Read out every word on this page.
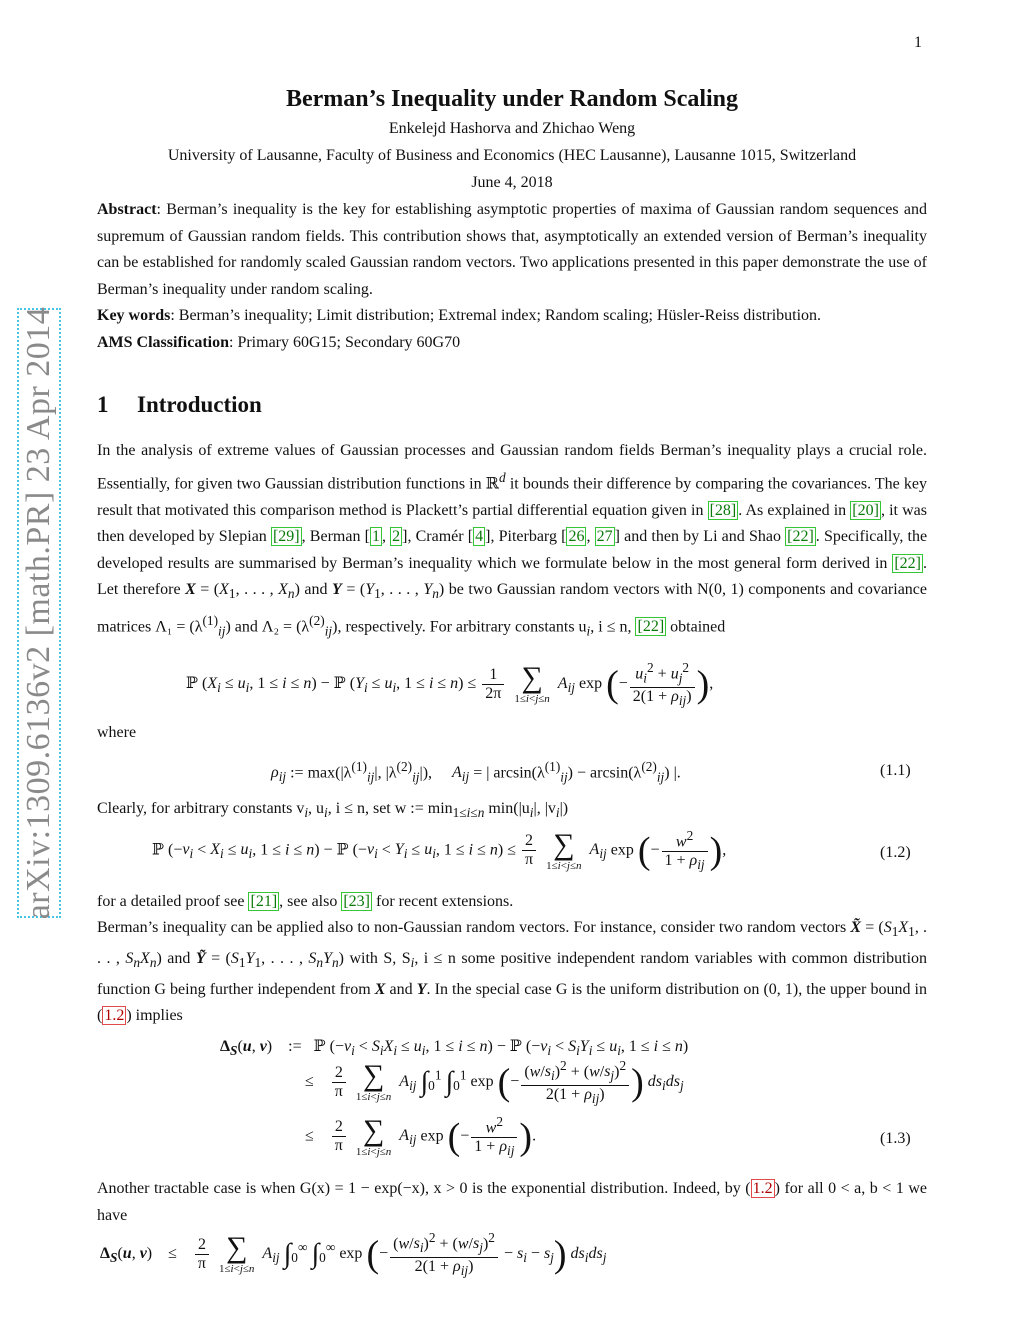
1
arXiv:1309.6136v2 [math.PR] 23 Apr 2014
Berman’s Inequality under Random Scaling
Enkelejd Hashorva and Zhichao Weng
University of Lausanne, Faculty of Business and Economics (HEC Lausanne), Lausanne 1015, Switzerland
June 4, 2018
Abstract: Berman’s inequality is the key for establishing asymptotic properties of maxima of Gaussian random sequences and supremum of Gaussian random fields. This contribution shows that, asymptotically an extended version of Berman’s inequality can be established for randomly scaled Gaussian random vectors. Two applications presented in this paper demonstrate the use of Berman’s inequality under random scaling.
Key words: Berman’s inequality; Limit distribution; Extremal index; Random scaling; Hüsler-Reiss distribution.
AMS Classification: Primary 60G15; Secondary 60G70
1 Introduction
In the analysis of extreme values of Gaussian processes and Gaussian random fields Berman’s inequality plays a crucial role. Essentially, for given two Gaussian distribution functions in ℝ$^d$ it bounds their difference by comparing the covariances. The key result that motivated this comparison method is Plackett’s partial differential equation given in [28] . As explained in [20] , it was then developed by Slepian [29] , Berman [ 1 , 2 ], Cramér [ 4 ], Piterbarg [ 26 , 27 ] and then by Li and Shao [22] . Specifically, the developed results are summarised by Berman’s inequality which we formulate below in the most general form derived in [22] . Let therefore $X = (X_1$, . . . , $X_n$) and $Y = (Y_1$, . . . , $Y_n$) be two Gaussian random vectors with N(0, 1) components and covariance matrices $\Lambda_1 = (\lambda^{(1)}_{ij})$ and $\Lambda_2 = (\lambda^{(2)}_{ij})$, respectively. For arbitrary constants $u_i$, i ≤ n, [22] obtained
ℙ ($X_i \le u_i$, 1 ≤ i ≤ n) − ℙ ($Y_i \le u_i$, $1 \le i \le n) \le \frac{1}{2\pi}$
∑
1≤i<j≤n
$A_{ij}$ exp (− $\frac{u_i^2 + u_j^2}{2(1 + \rho_{ij})}$ ),
where
$\rho_{ij}$ := $\max(|\lambda^{(1)}_{ij}|$, $|\lambda^{(2)}_{ij}|$),     $A_{ij}$ = | $\arcsin(\lambda^{(1)}_{ij}) - \arcsin(\lambda^{(2)}_{ij})$ |.	(1.1)
Clearly, for arbitrary constants $v_i$, $u_i$, i ≤ n, set w := $\min_{1\le i\le n} \min(|u_i|$, $|v_i|$)
ℙ ($-v_i < X_i \le u_i$, 1 ≤ i ≤ n) − ℙ ($-v_i < Y_i \le u_i$, $1 \le i \le n) \le \frac{2}{\pi}$
∑
1≤i<j≤n
$A_{ij}$ exp (− $\frac{w^2}{1 + \rho_{ij}}$ ),	(1.2)
for a detailed proof see [21] , see also [23] for recent extensions.
Berman’s inequality can be applied also to non-Gaussian random vectors. For instance, consider two random vectors X̃ = ($S_1X_1$, . . . , $S_nX_n$) and Ỹ = ($S_1Y_1$, . . . , $S_nY_n$) with S, $S_i$, i ≤ n some positive independent random variables with common distribution function G being further independent from X and Y. In the special case G is the uniform distribution on (0, 1), the upper bound in ( 1.2 ) implies
$\Delta_S(u$, v)    :=   ℙ ($-v_i < S_iX_i \le u_i$, 1 ≤ i ≤ n) − ℙ ($-v_i < S_iY_i \le u_i$, 1 ≤ i ≤ n)
≤ $\frac{2}{\pi}$
∑
1≤i<j≤n
$A_{ij}$ $\int_0^1$ $\int_0^1$ exp (− $\frac{(w/s_i)^2 + (w/s_j)^2}{2(1 + \rho_{ij})}$ ) $ds_ids_j$
≤ $\frac{2}{\pi}$
∑
1≤i<j≤n
$A_{ij}$ exp (− $\frac{w^2}{1 + \rho_{ij}}$ ).	(1.3)
Another tractable case is when G(x) = 1 − exp(−x), x > 0 is the exponential distribution. Indeed, by ( 1.2 ) for all 0 < a, b < 1 we have
$\Delta_S(u$, v)    ≤ $\frac{2}{\pi}$
∑
1≤i<j≤n
$A_{ij}$ $\int_0^\infty$ $\int_0^\infty$ exp (− $\frac{(w/s_i)^2 + (w/s_j)^2}{2(1 + \rho_{ij})} - s_i - s_j$) $ds_ids_j$
